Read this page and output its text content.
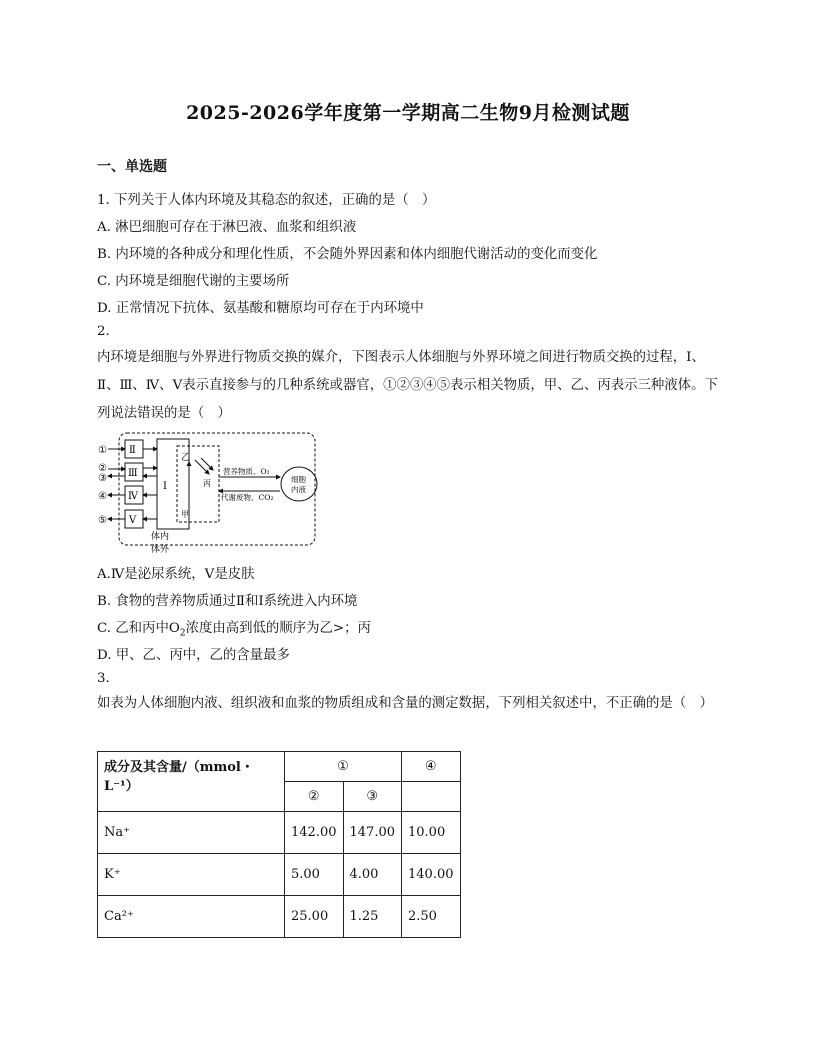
2025-2026学年度第一学期高二生物9月检测试题
一、单选题
1. 下列关于人体内环境及其稳态的叙述，正确的是（　）
A. 淋巴细胞可存在于淋巴液、血浆和组织液
B. 内环境的各种成分和理化性质，不会随外界因素和体内细胞代谢活动的变化而变化
C. 内环境是细胞代谢的主要场所
D. 正常情况下抗体、氨基酸和糖原均可存在于内环境中
2.
内环境是细胞与外界进行物质交换的媒介，下图表示人体细胞与外界环境之间进行物质交换的过程，Ⅰ、Ⅱ、Ⅲ、Ⅳ、Ⅴ表示直接参与的几种系统或器官，①②③④⑤表示相关物质，甲、乙、丙表示三种液体。下列说法错误的是（　）
①
②
③
④
⑤
Ⅱ
Ⅲ
Ⅳ
Ⅴ
Ⅰ
乙
丙
甲
营养物质、O₂
代谢废物、CO₂
细胞
内液
体内
体外
A.Ⅳ是泌尿系统，Ⅴ是皮肤
B. 食物的营养物质通过Ⅱ和Ⅰ系统进入内环境
C. 乙和丙中$O_2$浓度由高到低的顺序为乙>；丙
D. 甲、乙、丙中，乙的含量最多
3.
如表为人体细胞内液、组织液和血浆的物质组成和含量的测定数据，下列相关叙述中，不正确的是（　）
成分及其含量/（mmol・L⁻¹）	①		④
	②	③	
Na⁺	142.00	147.00	10.00
K⁺	5.00	4.00	140.00
Ca²⁺	25.00	1.25	2.50
